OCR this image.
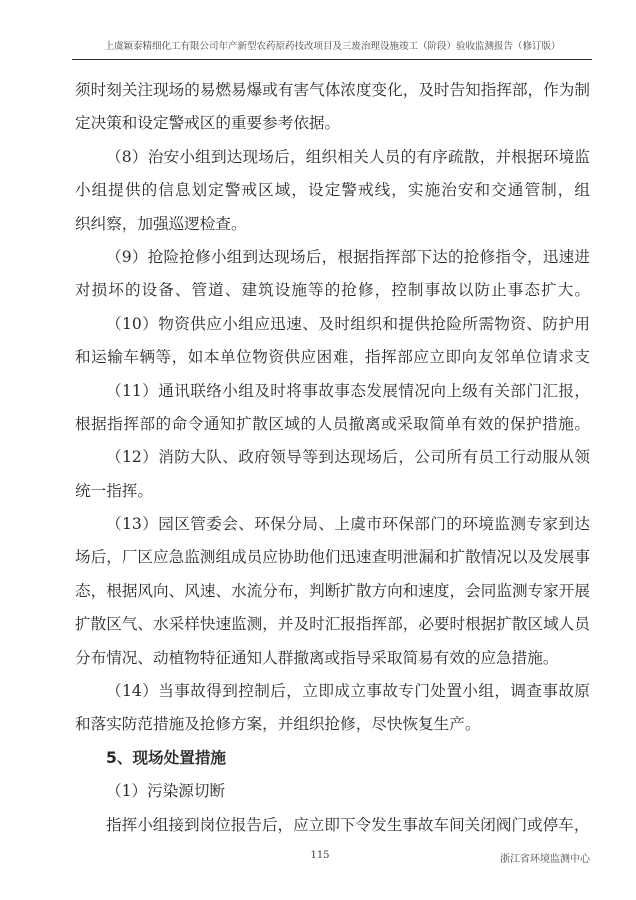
上虞颖泰精细化工有限公司年产新型农药原药技改项目及三废治理设施竣工（阶段）验收监测报告（修订版）
须时刻关注现场的易燃易爆或有害气体浓度变化，及时告知指挥部，作为制
定决策和设定警戒区的重要参考依据。
（8）治安小组到达现场后，组织相关人员的有序疏散，并根据环境监
小组提供的信息划定警戒区域，设定警戒线，实施治安和交通管制，组
织纠察，加强巡逻检查。
（9）抢险抢修小组到达现场后，根据指挥部下达的抢修指令，迅速进
对损坏的设备、管道、建筑设施等的抢修，控制事故以防止事态扩大。
（10）物资供应小组应迅速、及时组织和提供抢险所需物资、防护用
和运输车辆等，如本单位物资供应困难，指挥部应立即向友邻单位请求支
（11）通讯联络小组及时将事故事态发展情况向上级有关部门汇报，
根据指挥部的命令通知扩散区域的人员撤离或采取简单有效的保护措施。
（12）消防大队、政府领导等到达现场后，公司所有员工行动服从领
统一指挥。
（13）园区管委会、环保分局、上虞市环保部门的环境监测专家到达
场后，厂区应急监测组成员应协助他们迅速查明泄漏和扩散情况以及发展事
态，根据风向、风速、水流分布，判断扩散方向和速度，会同监测专家开展
扩散区气、水采样快速监测，并及时汇报指挥部，必要时根据扩散区域人员
分布情况、动植物特征通知人群撤离或指导采取简易有效的应急措施。
（14）当事故得到控制后，立即成立事故专门处置小组，调查事故原
和落实防范措施及抢修方案，并组织抢修，尽快恢复生产。
5、现场处置措施
（1）污染源切断
指挥小组接到岗位报告后，应立即下令发生事故车间关闭阀门或停车，
115	浙江省环境监测中心
